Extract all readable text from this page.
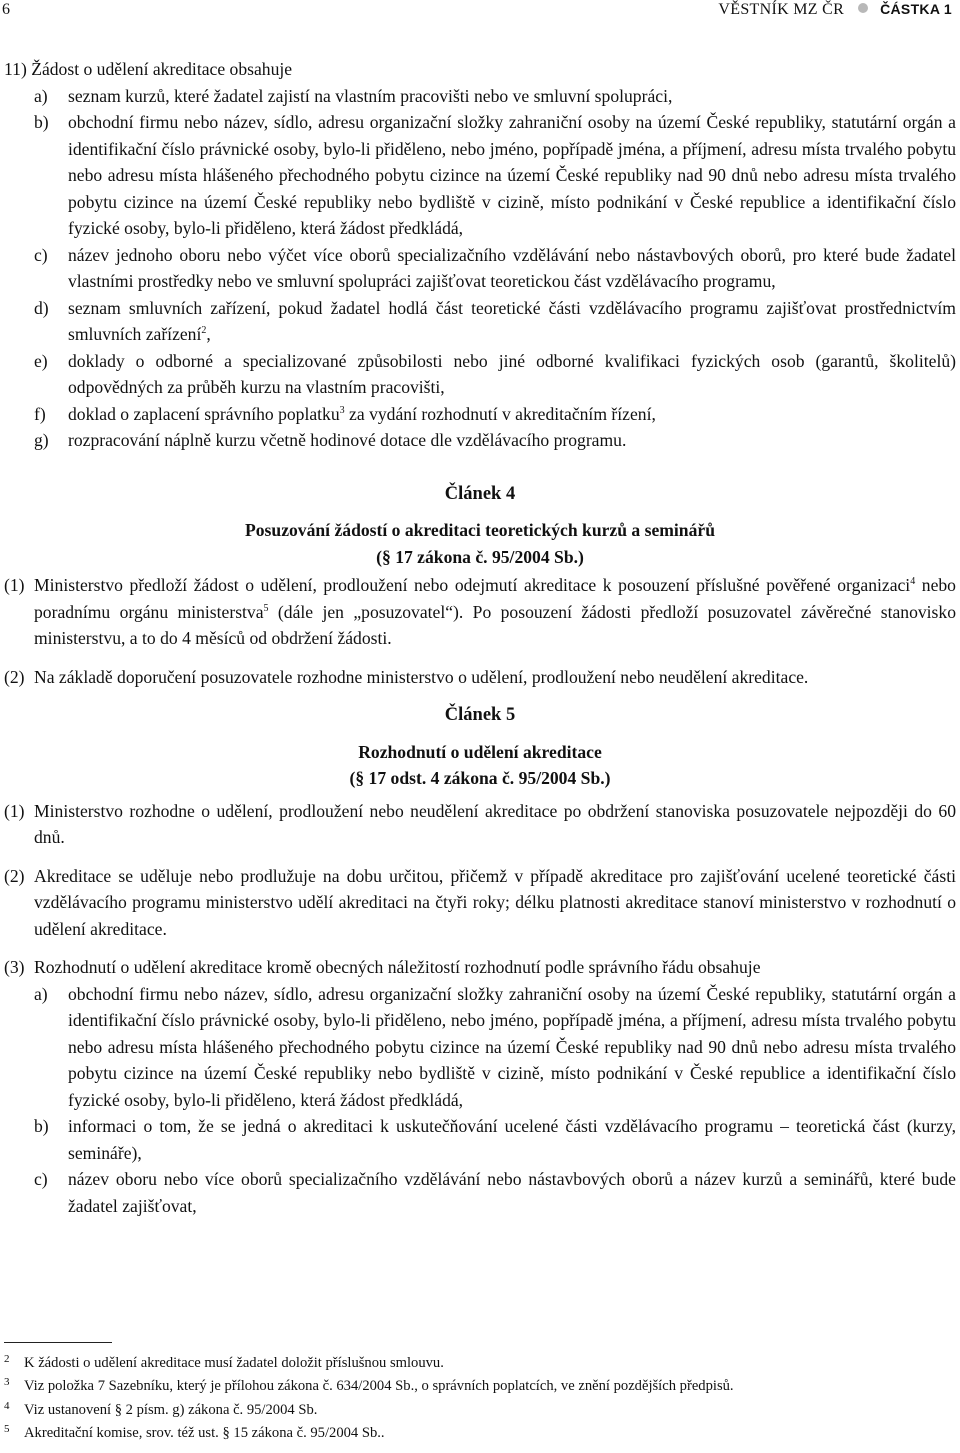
6	VĚSTNÍK MZ ČR	ČÁSTKA 1
11) Žádost o udělení akreditace obsahuje
a) seznam kurzů, které žadatel zajistí na vlastním pracovišti nebo ve smluvní spolupráci,
b) obchodní firmu nebo název, sídlo, adresu organizační složky zahraniční osoby na území České republiky, statutární orgán a identifikační číslo právnické osoby, bylo-li přiděleno, nebo jméno, popřípadě jména, a příjmení, adresu místa trvalého pobytu nebo adresu místa hlášeného přechodného pobytu cizince na území České republiky nad 90 dnů nebo adresu místa trvalého pobytu cizince na území České republiky nebo bydliště v cizině, místo podnikání v České republice a identifikační číslo fyzické osoby, bylo-li přiděleno, která žádost předkládá,
c) název jednoho oboru nebo výčet více oborů specializačního vzdělávání nebo nástavbových oborů, pro které bude žadatel vlastními prostředky nebo ve smluvní spolupráci zajišťovat teoretickou část vzdělávacího programu,
d) seznam smluvních zařízení, pokud žadatel hodlá část teoretické části vzdělávacího programu zajišťovat prostřednictvím smluvních zařízení$^2$,
e) doklady o odborné a specializované způsobilosti nebo jiné odborné kvalifikaci fyzických osob (garantů, školitelů) odpovědných za průběh kurzu na vlastním pracovišti,
f) doklad o zaplacení správního poplatku$^3$ za vydání rozhodnutí v akreditačním řízení,
g) rozpracování náplně kurzu včetně hodinové dotace dle vzdělávacího programu.
Článek 4
Posuzování žádostí o akreditaci teoretických kurzů a seminářů
(§ 17 zákona č. 95/2004 Sb.)
(1) Ministerstvo předloží žádost o udělení, prodloužení nebo odejmutí akreditace k posouzení příslušné pověřené organizaci$^4$ nebo poradnímu orgánu ministerstva$^5$ (dále jen „posuzovatel“). Po posouzení žádosti předloží posuzovatel závěrečné stanovisko ministerstvu, a to do 4 měsíců od obdržení žádosti.
(2) Na základě doporučení posuzovatele rozhodne ministerstvo o udělení, prodloužení nebo neudělení akreditace.
Článek 5
Rozhodnutí o udělení akreditace
(§ 17 odst. 4 zákona č. 95/2004 Sb.)
(1) Ministerstvo rozhodne o udělení, prodloužení nebo neudělení akreditace po obdržení stanoviska posuzovatele nejpozději do 60 dnů.
(2) Akreditace se uděluje nebo prodlužuje na dobu určitou, přičemž v případě akreditace pro zajišťování ucelené teoretické části vzdělávacího programu ministerstvo udělí akreditaci na čtyři roky; délku platnosti akreditace stanoví ministerstvo v rozhodnutí o udělení akreditace.
(3) Rozhodnutí o udělení akreditace kromě obecných náležitostí rozhodnutí podle správního řádu obsahuje
a) obchodní firmu nebo název, sídlo, adresu organizační složky zahraniční osoby na území České republiky, statutární orgán a identifikační číslo právnické osoby, bylo-li přiděleno, nebo jméno, popřípadě jména, a příjmení, adresu místa trvalého pobytu nebo adresu místa hlášeného přechodného pobytu cizince na území České republiky nad 90 dnů nebo adresu místa trvalého pobytu cizince na území České republiky nebo bydliště v cizině, místo podnikání v České republice a identifikační číslo fyzické osoby, bylo-li přiděleno, která žádost předkládá,
b) informaci o tom, že se jedná o akreditaci k uskutečňování ucelené části vzdělávacího programu – teoretická část (kurzy, semináře),
c) název oboru nebo více oborů specializačního vzdělávání nebo nástavbových oborů a název kurzů a seminářů, které bude žadatel zajišťovat,
2 K žádosti o udělení akreditace musí žadatel doložit příslušnou smlouvu.
3 Viz položka 7 Sazebníku, který je přílohou zákona č. 634/2004 Sb., o správních poplatcích, ve znění pozdějších předpisů.
4 Viz ustanovení § 2 písm. g) zákona č. 95/2004 Sb.
5 Akreditační komise, srov. též ust. § 15 zákona č. 95/2004 Sb..
